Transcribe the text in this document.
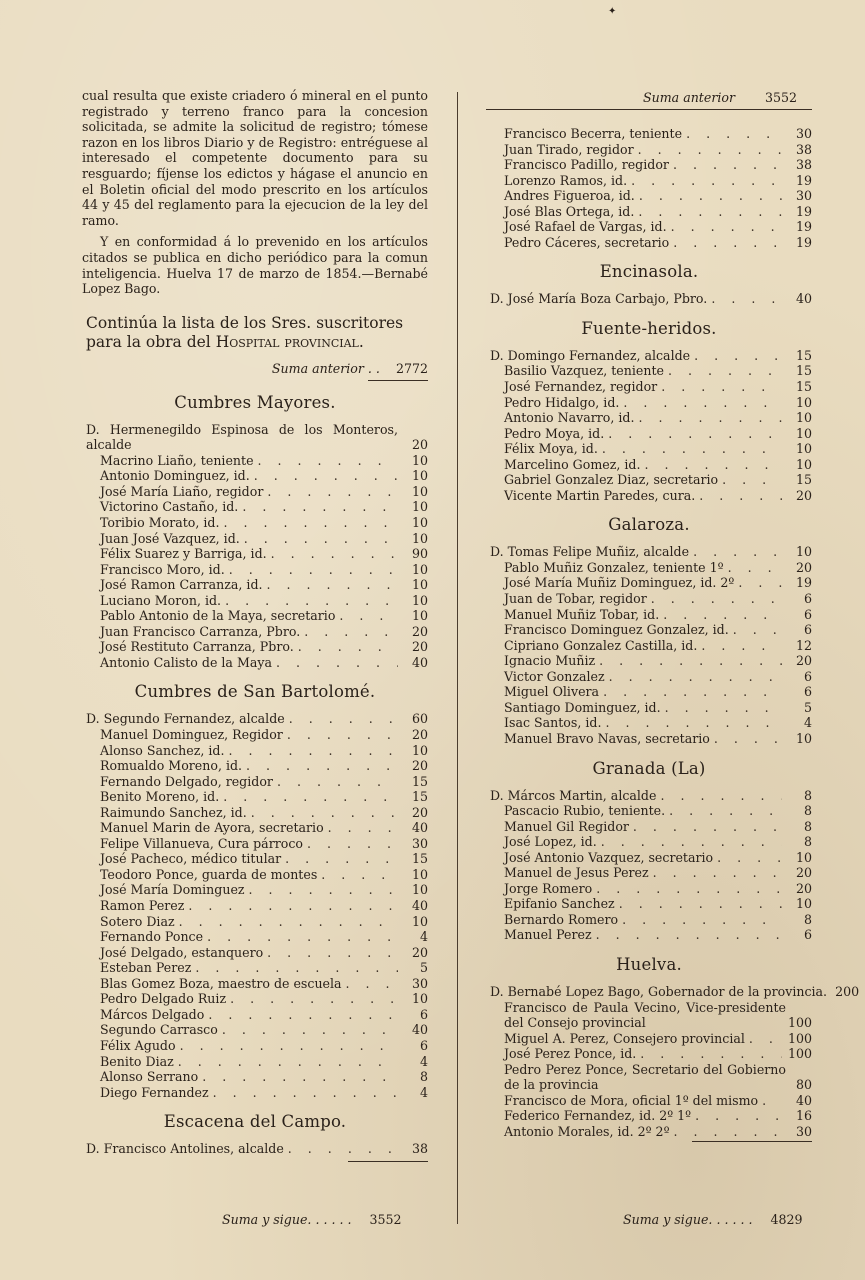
✦
Suma anterior 3552

cual resulta que existe criadero ó mineral en el punto registrado y terreno franco para la concesion solicitada, se admite la solicitud de registro; tómese razon en los libros Diario y de Registro: entréguese al interesado el competente documento para su resguardo; fíjense los edictos y hágase el anuncio en el Boletin oficial del modo prescrito en los artículos 44 y 45 del reglamento para la ejecucion de la ley del ramo.

Y en conformidad á lo prevenido en los artículos citados se publica en dicho periódico para la comun inteligencia. Huelva 17 de marzo de 1854.—Bernabé Lopez Bago.

Continúa la lista de los Sres. suscritores para la obra del Hospital provincial.
Suma anterior . . 2772
Cumbres Mayores.
D. Hermenegildo Espinosa de los Monteros, alcalde	20
Macrino Liaño, teniente . . .	10
Antonio Dominguez, id. . . .	10
José María Liaño, regidor . . .	10
Victorino Castaño, id. . . .	10
Toribio Morato, id. . . .	10
Juan José Vazquez, id. . . .	10
Félix Suarez y Barriga, id. . . .	90
Francisco Moro, id. . . .	10
José Ramon Carranza, id. . . .	10
Luciano Moron, id. . . .	10
Pablo Antonio de la Maya, secretario . . .	10
Juan Francisco Carranza, Pbro. . . .	20
José Restituto Carranza, Pbro. . . .	20
Antonio Calisto de la Maya . . .	40
Cumbres de San Bartolomé.
D. Segundo Fernandez, alcalde . . .	60
Manuel Dominguez, Regidor . . .	20
Alonso Sanchez, id. . . .	10
Romualdo Moreno, id. . . .	20
Fernando Delgado, regidor . . .	15
Benito Moreno, id. . . .	15
Raimundo Sanchez, id. . . .	20
Manuel Marin de Ayora, secretario . . .	40
Felipe Villanueva, Cura párroco . . .	30
José Pacheco, médico titular . . .	15
Teodoro Ponce, guarda de montes . . .	10
José María Dominguez . . .	10
Ramon Perez . . .	40
Sotero Diaz . . .	10
Fernando Ponce . . .	4
José Delgado, estanquero . . .	20
Esteban Perez . . .	5
Blas Gomez Boza, maestro de escuela . . .	30
Pedro Delgado Ruiz . . .	10
Márcos Delgado . . .	6
Segundo Carrasco . . .	40
Félix Agudo . . .	6
Benito Diaz . . .	4
Alonso Serrano . . .	8
Diego Fernandez . . .	4
Escacena del Campo.
D. Francisco Antolines, alcalde . . .	38
Francisco Becerra, teniente . . .	30
Juan Tirado, regidor . . .	38
Francisco Padillo, regidor . . .	38
Lorenzo Ramos, id. . . .	19
Andres Figueroa, id. . . .	30
José Blas Ortega, id. . . .	19
José Rafael de Vargas, id. . . .	19
Pedro Cáceres, secretario . . .	19
Encinasola.
D. José María Boza Carbajo, Pbro. . . .	40
Fuente-heridos.
D. Domingo Fernandez, alcalde . . .	15
Basilio Vazquez, teniente . . .	15
José Fernandez, regidor . . .	15
Pedro Hidalgo, id. . . .	10
Antonio Navarro, id. . . .	10
Pedro Moya, id. . . .	10
Félix Moya, id. . . .	10
Marcelino Gomez, id. . . .	10
Gabriel Gonzalez Diaz, secretario . . .	15
Vicente Martin Paredes, cura. . . .	20
Galaroza.
D. Tomas Felipe Muñiz, alcalde . . .	10
Pablo Muñiz Gonzalez, teniente 1º . . .	20
José María Muñiz Dominguez, id. 2º . . .	19
Juan de Tobar, regidor . . .	6
Manuel Muñiz Tobar, id. . . .	6
Francisco Dominguez Gonzalez, id. . . .	6
Cipriano Gonzalez Castilla, id. . . .	12
Ignacio Muñiz . . .	20
Victor Gonzalez . . .	6
Miguel Olivera . . .	6
Santiago Dominguez, id. . . .	5
Isac Santos, id. . . .	4
Manuel Bravo Navas, secretario . . .	10
Granada (La)
D. Márcos Martin, alcalde . . .	8
Pascacio Rubio, teniente. . . .	8
Manuel Gil Regidor . . .	8
José Lopez, id. . . .	8
José Antonio Vazquez, secretario . . .	10
Manuel de Jesus Perez . . .	20
Jorge Romero . . .	20
Epifanio Sanchez . . .	10
Bernardo Romero . . .	8
Manuel Perez . . .	6
Huelva.
D. Bernabé Lopez Bago, Gobernador de la provincia. 200
Francisco de Paula Vecino, Vice-presidente del Consejo provincial	100
Miguel A. Perez, Consejero provincial . . .	100
José Perez Ponce, id. . . .	100
Pedro Perez Ponce, Secretario del Gobierno de la provincia	80
Francisco de Mora, oficial 1º del mismo . . .	40
Federico Fernandez, id. 2º 1º . . .	16
Antonio Morales, id. 2º 2º . . .	30
Suma y sigue. . . . . . 3552	Suma y sigue. . . . . . 4829
